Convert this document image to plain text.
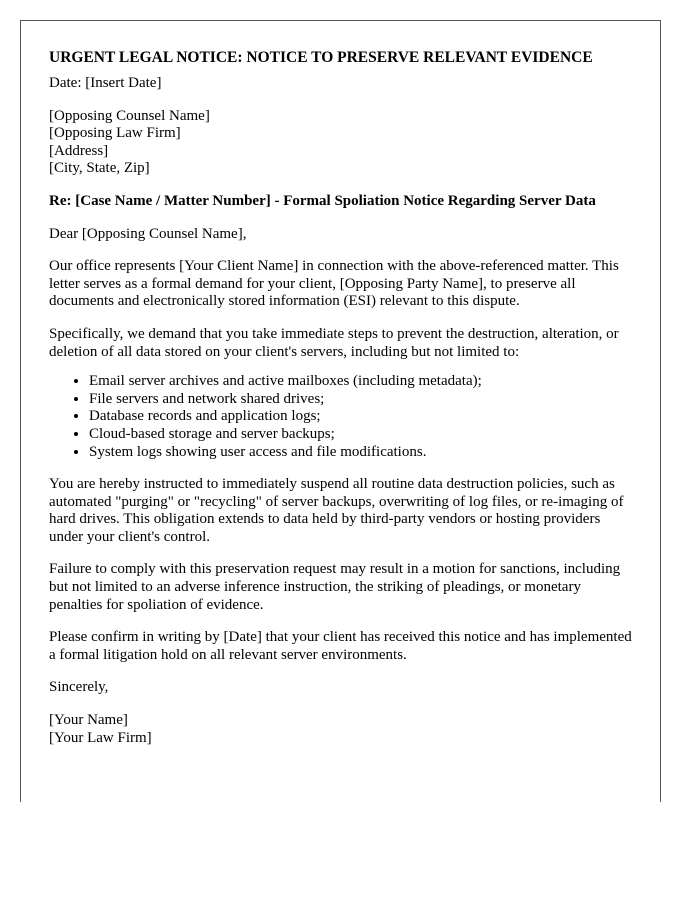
URGENT LEGAL NOTICE: NOTICE TO PRESERVE RELEVANT EVIDENCE

Date: [Insert Date]

[Opposing Counsel Name]
[Opposing Law Firm]
[Address]
[City, State, Zip]

Re: [Case Name / Matter Number] - Formal Spoliation Notice Regarding Server Data

Dear [Opposing Counsel Name],

Our office represents [Your Client Name] in connection with the above-referenced matter. This letter serves as a formal demand for your client, [Opposing Party Name], to preserve all documents and electronically stored information (ESI) relevant to this dispute.

Specifically, we demand that you take immediate steps to prevent the destruction, alteration, or deletion of all data stored on your client's servers, including but not limited to:

• Email server archives and active mailboxes (including metadata);
• File servers and network shared drives;
• Database records and application logs;
• Cloud-based storage and server backups;
• System logs showing user access and file modifications.

You are hereby instructed to immediately suspend all routine data destruction policies, such as automated "purging" or "recycling" of server backups, overwriting of log files, or re-imaging of hard drives. This obligation extends to data held by third-party vendors or hosting providers under your client's control.

Failure to comply with this preservation request may result in a motion for sanctions, including but not limited to an adverse inference instruction, the striking of pleadings, or monetary penalties for spoliation of evidence.

Please confirm in writing by [Date] that your client has received this notice and has implemented a formal litigation hold on all relevant server environments.

Sincerely,

[Your Name]
[Your Law Firm]
